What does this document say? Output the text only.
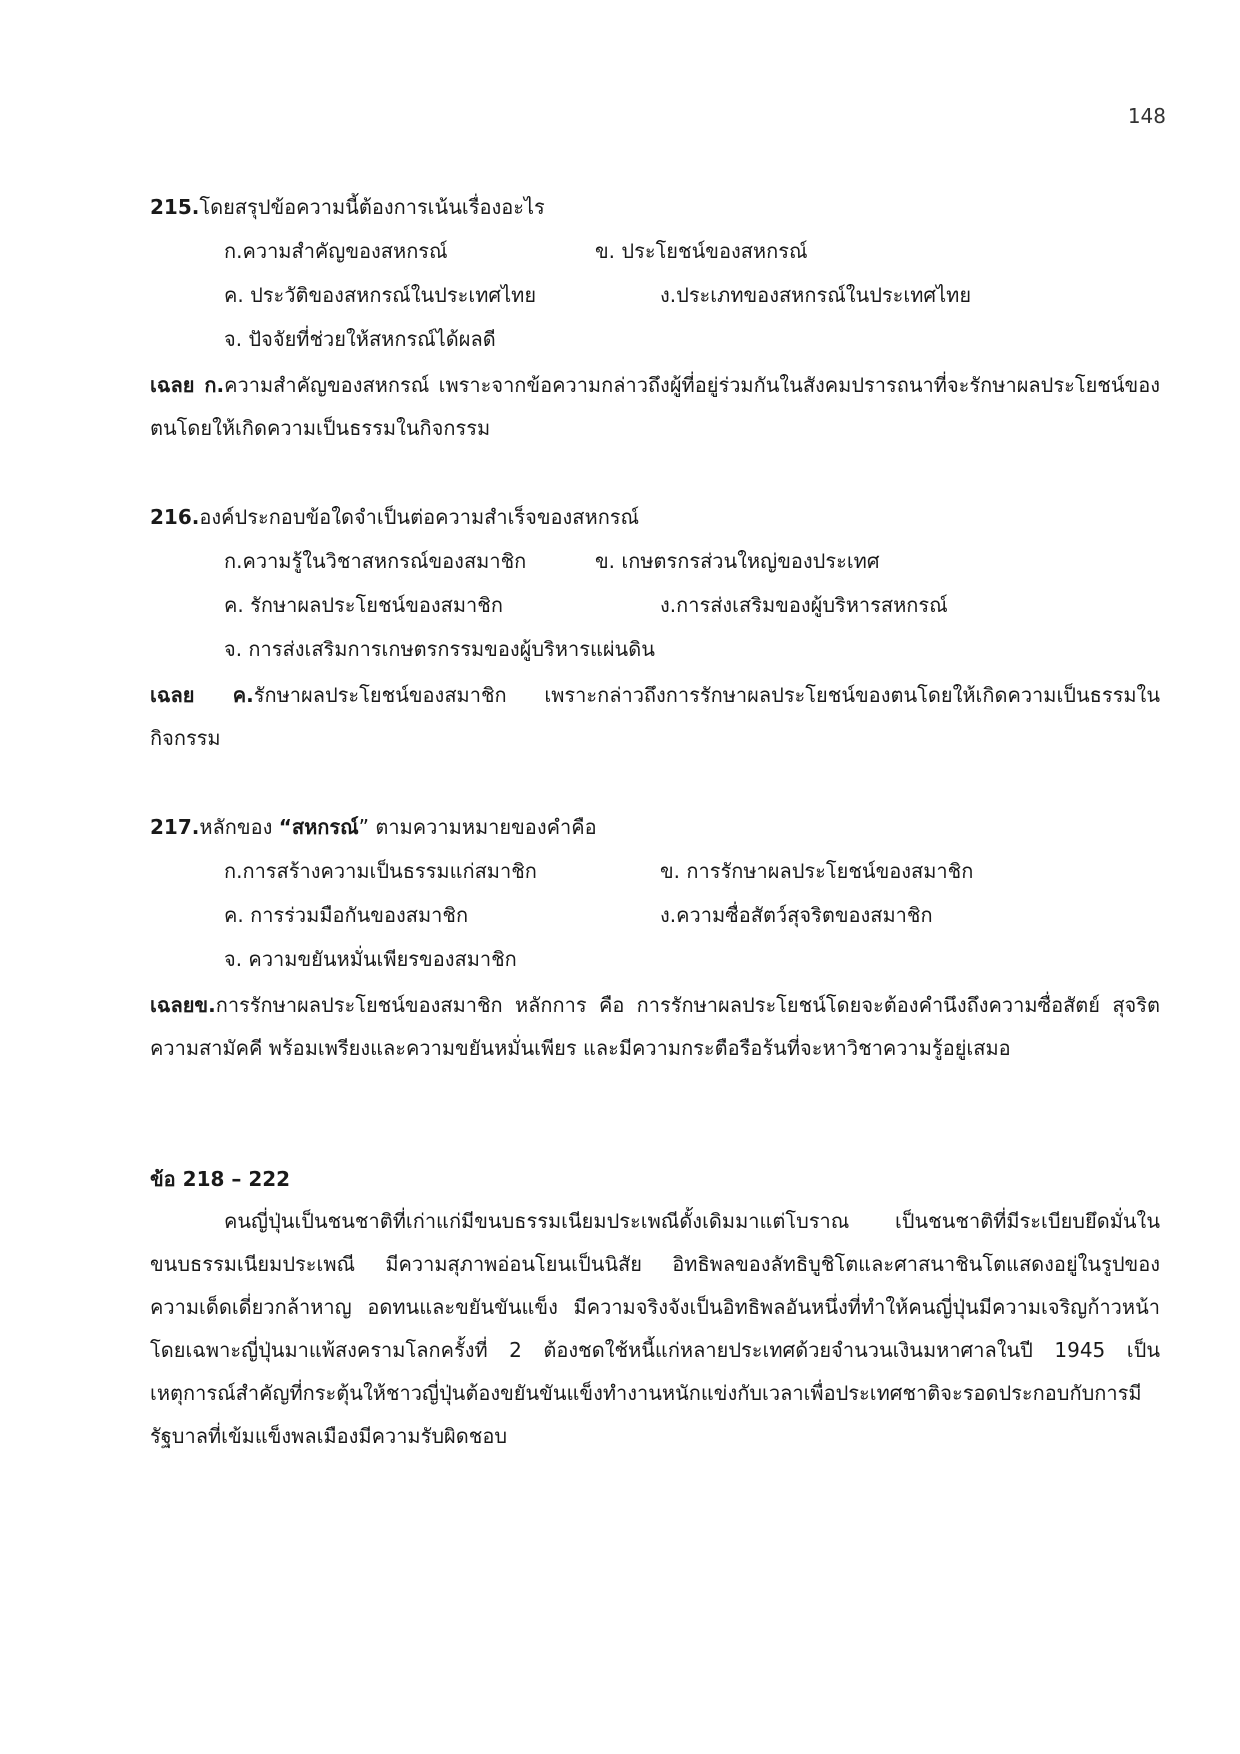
148
215.โดยสรุปข้อความนี้ต้องการเน้นเรื่องอะไร
ก.ความสำคัญของสหกรณ์	ข. ประโยชน์ของสหกรณ์
ค. ประวัติของสหกรณ์ในประเทศไทย	ง.ประเภทของสหกรณ์ในประเทศไทย
จ. ปัจจัยที่ช่วยให้สหกรณ์ได้ผลดี
เฉลย ก.ความสำคัญของสหกรณ์ เพราะจากข้อความกล่าวถึงผู้ที่อยู่ร่วมกันในสังคมปรารถนาที่จะรักษาผลประโยชน์ของตนโดยให้เกิดความเป็นธรรมในกิจกรรม
216.องค์ประกอบข้อใดจำเป็นต่อความสำเร็จของสหกรณ์
ก.ความรู้ในวิชาสหกรณ์ของสมาชิก	ข. เกษตรกรส่วนใหญ่ของประเทศ
ค. รักษาผลประโยชน์ของสมาชิก	ง.การส่งเสริมของผู้บริหารสหกรณ์
จ. การส่งเสริมการเกษตรกรรมของผู้บริหารแผ่นดิน
เฉลย ค.รักษาผลประโยชน์ของสมาชิก เพราะกล่าวถึงการรักษาผลประโยชน์ของตนโดยให้เกิดความเป็นธรรมในกิจกรรม
217.หลักของ “สหกรณ์” ตามความหมายของคำคือ
ก.การสร้างความเป็นธรรมแก่สมาชิก	ข. การรักษาผลประโยชน์ของสมาชิก
ค. การร่วมมือกันของสมาชิก	ง.ความซื่อสัตว์สุจริตของสมาชิก
จ. ความขยันหมั่นเพียรของสมาชิก
เฉลยข.การรักษาผลประโยชน์ของสมาชิก หลักการ คือ การรักษาผลประโยชน์โดยจะต้องคำนึงถึงความซื่อสัตย์ สุจริต ความสามัคคี พร้อมเพรียงและความขยันหมั่นเพียร และมีความกระตือรือร้นที่จะหาวิชาความรู้อยู่เสมอ
ข้อ 218 – 222
คนญี่ปุ่นเป็นชนชาติที่เก่าแก่มีขนบธรรมเนียมประเพณีดั้งเดิมมาแต่โบราณ เป็นชนชาติที่มีระเบียบยึดมั่นในขนบธรรมเนียมประเพณี มีความสุภาพอ่อนโยนเป็นนิสัย อิทธิพลของลัทธิบูชิโตและศาสนาชินโตแสดงอยู่ในรูปของความเด็ดเดี่ยวกล้าหาญ อดทนและขยันขันแข็ง มีความจริงจังเป็นอิทธิพลอันหนึ่งที่ทำให้คนญี่ปุ่นมีความเจริญก้าวหน้า โดยเฉพาะญี่ปุ่นมาแพ้สงครามโลกครั้งที่ 2 ต้องชดใช้หนี้แก่หลายประเทศด้วยจำนวนเงินมหาศาลในปี 1945 เป็นเหตุการณ์สำคัญที่กระตุ้นให้ชาวญี่ปุ่นต้องขยันขันแข็งทำงานหนักแข่งกับเวลาเพื่อประเทศชาติจะรอดประกอบกับการมีรัฐบาลที่เข้มแข็งพลเมืองมีความรับผิดชอบ
